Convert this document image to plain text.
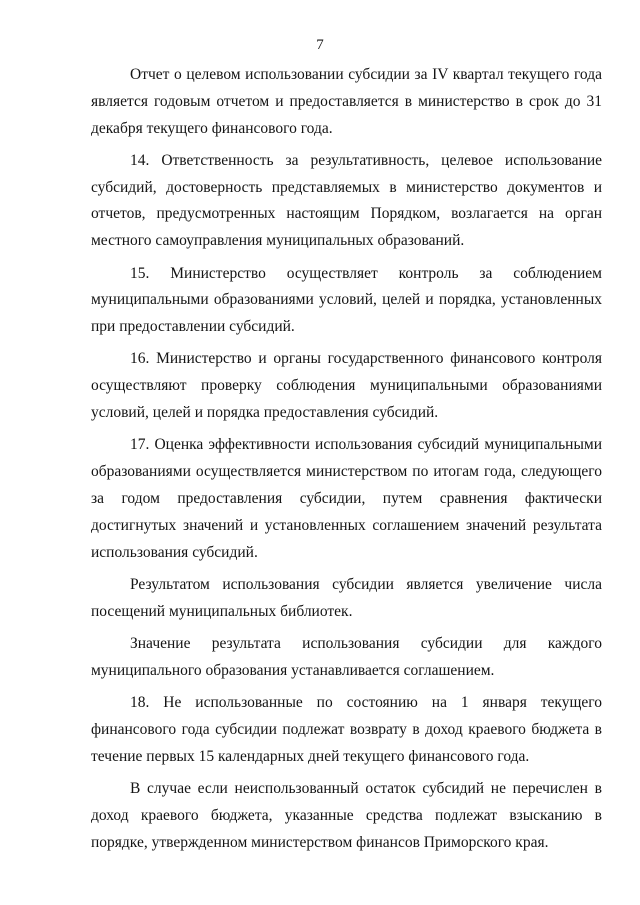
7

Отчет о целевом использовании субсидии за IV квартал текущего года является годовым отчетом и предоставляется в министерство в срок до 31 декабря текущего финансового года.

14. Ответственность за результативность, целевое использование субсидий, достоверность представляемых в министерство документов и отчетов, предусмотренных настоящим Порядком, возлагается на орган местного самоуправления муниципальных образований.

15. Министерство осуществляет контроль за соблюдением муниципальными образованиями условий, целей и порядка, установленных при предоставлении субсидий.

16. Министерство и органы государственного финансового контроля осуществляют проверку соблюдения муниципальными образованиями условий, целей и порядка предоставления субсидий.

17. Оценка эффективности использования субсидий муниципальными образованиями осуществляется министерством по итогам года, следующего за годом предоставления субсидии, путем сравнения фактически достигнутых значений и установленных соглашением значений результата использования субсидий.

Результатом использования субсидии является увеличение числа посещений муниципальных библиотек.

Значение результата использования субсидии для каждого муниципального образования устанавливается соглашением.

18. Не использованные по состоянию на 1 января текущего финансового года субсидии подлежат возврату в доход краевого бюджета в течение первых 15 календарных дней текущего финансового года.

В случае если неиспользованный остаток субсидий не перечислен в доход краевого бюджета, указанные средства подлежат взысканию в порядке, утвержденном министерством финансов Приморского края.
